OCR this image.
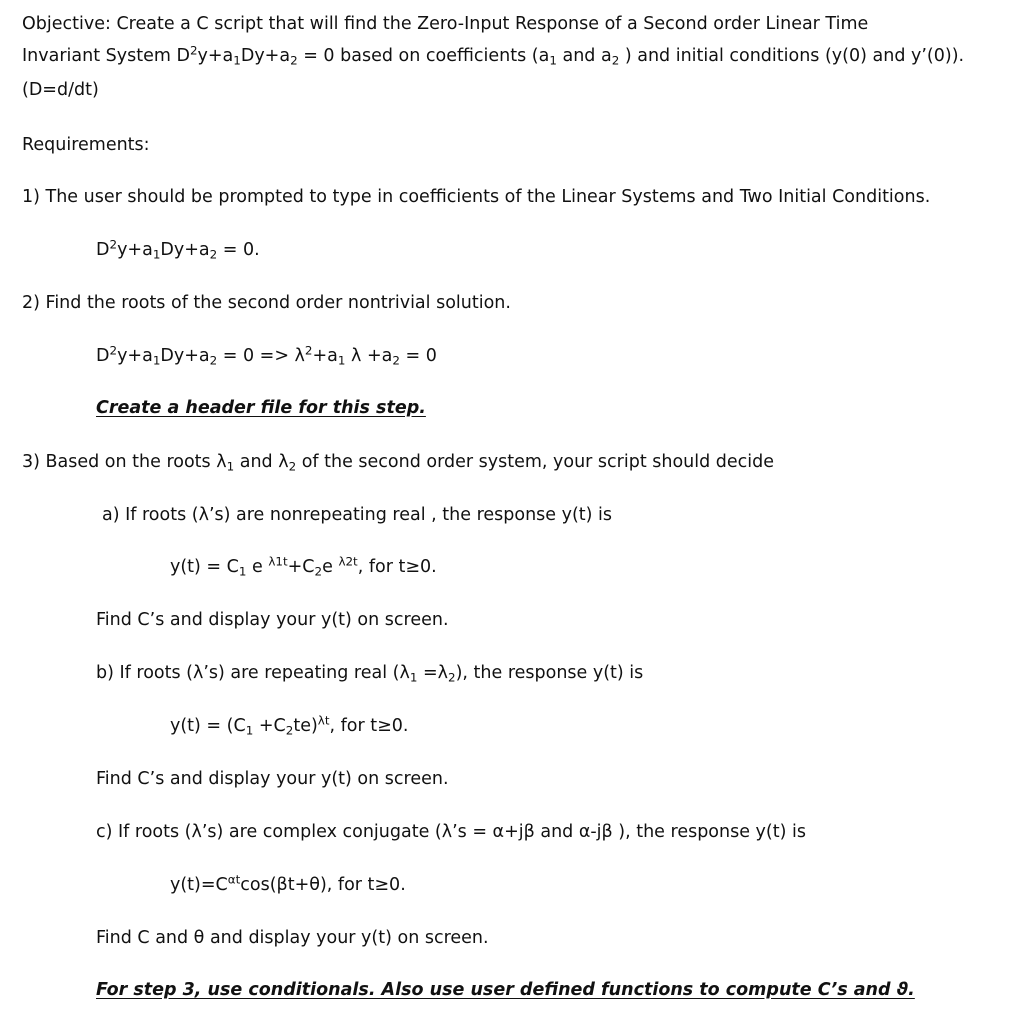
Objective: Create a C script that will find the Zero-Input Response of a Second order Linear Time
Invariant System $D^2y+a_1Dy+a_2 = 0$ based on coefficients ($a_1$ and $a_2$ ) and initial conditions (y(0) and y’(0)).
(D=d/dt)
Requirements:
1) The user should be prompted to type in coefficients of the Linear Systems and Two Initial Conditions.
$D^2y+a_1Dy+a_2 = 0$.
2) Find the roots of the second order nontrivial solution.
$D^2y+a_1Dy+a_2 = 0 => \lambda^2+a_1$ $\lambda +a_2 = 0$
Create a header file for this step.
3) Based on the roots $\lambda_1$ and $\lambda_2$ of the second order system, your script should decide
a) If roots (λ’s) are nonrepeating real , the response y(t) is
$y(t) = C_1$ e $^{\lambda 1t}+C_2e$ $^{\lambda 2t}$, for t≥0.
Find C’s and display your y(t) on screen.
b) If roots (λ’s) are repeating real $(\lambda_1 =\lambda_2)$, the response y(t) is
$y(t) = (C_1 +C_2te)^{\lambda t}$, for t≥0.
Find C’s and display your y(t) on screen.
c) If roots (λ’s) are complex conjugate (λ’s = α+jβ and α-jβ ), the response y(t) is
$y(t)=C^{\alpha t}\cos(\beta t+\theta)$, for t≥0.
Find C and θ and display your y(t) on screen.
For step 3, use conditionals. Also use user defined functions to compute C’s and ϑ.
